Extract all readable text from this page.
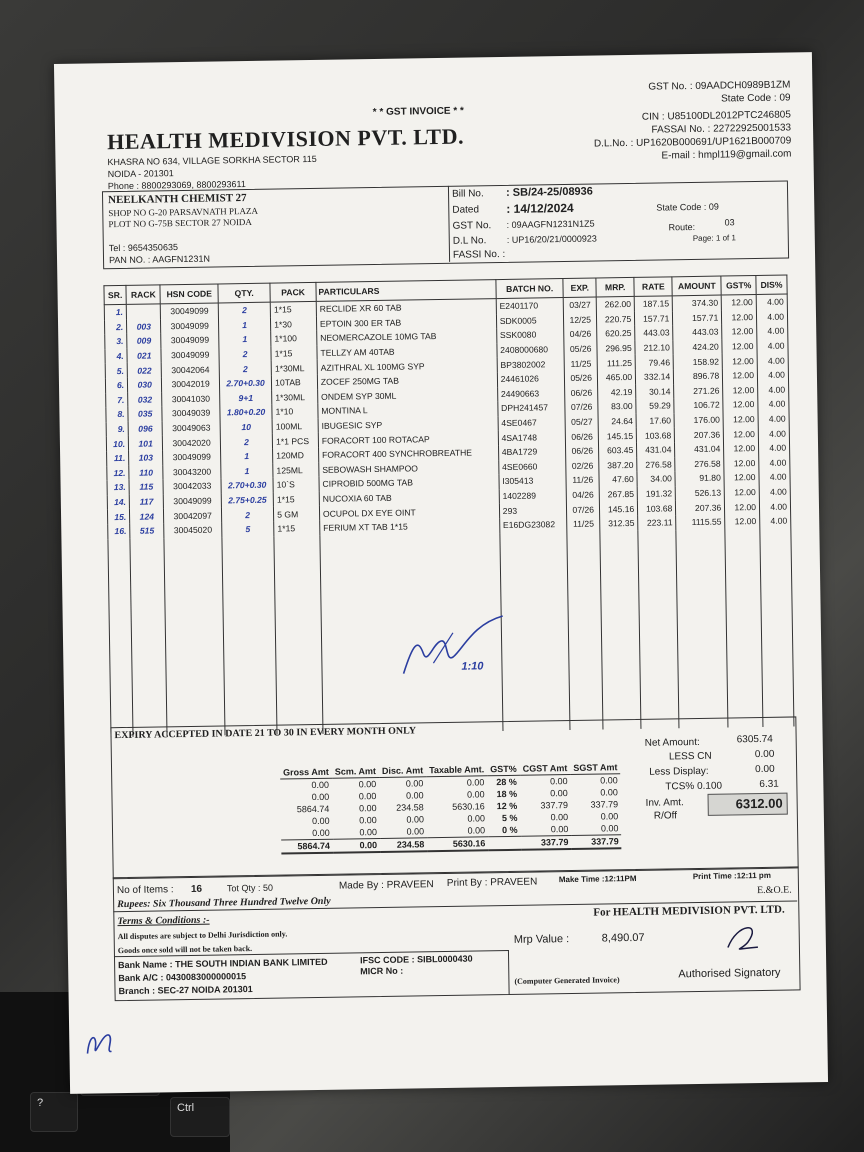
?	Ctrl
* * GST INVOICE * *
HEALTH MEDIVISION PVT. LTD.
KHASRA NO 634, VILLAGE SORKHA SECTOR 115
NOIDA - 201301
Phone : 8800293069, 8800293611
GST No. : 09AADCH0989B1ZM
State Code : 09
CIN : U85100DL2012PTC246805
FASSAI No. : 22722925001533
D.L.No. : UP1620B000691/UP1621B000709
E-mail : hmpl119@gmail.com
NEELKANTH CHEMIST 27
SHOP NO G-20 PARSAVNATH PLAZA
PLOT NO G-75B SECTOR 27 NOIDA
Tel : 9654350635
PAN NO. : AAGFN1231N
Bill No. : SB/24-25/08936
Dated : 14/12/2024
GST No. : 09AAGFN1231N1Z5
D.L No. : UP16/20/21/0000923
FASSI No. :
State Code : 09
Route:	03
Page: 1 of 1
SR.	RACK	HSN CODE	QTY.	PACK	PARTICULARS	BATCH NO.	EXP.	MRP.	RATE	AMOUNT	GST%	DIS%
1.		30049099	2	1*15	RECLIDE XR 60 TAB	E2401170	03/27	262.00	187.15	374.30	12.00	4.00
2.	003	30049099	1	1*30	EPTOIN 300 ER TAB	SDK0005	12/25	220.75	157.71	157.71	12.00	4.00
3.	009	30049099	1	1*100	NEOMERCAZOLE 10MG TAB	SSK0080	04/26	620.25	443.03	443.03	12.00	4.00
4.	021	30049099	2	1*15	TELLZY AM 40TAB	2408000680	05/26	296.95	212.10	424.20	12.00	4.00
5.	022	30042064	2	1*30ML	AZITHRAL XL 100MG SYP	BP3802002	11/25	111.25	79.46	158.92	12.00	4.00
6.	030	30042019	2.70+0.30	10TAB	ZOCEF 250MG TAB	24461026	05/26	465.00	332.14	896.78	12.00	4.00
7.	032	30041030	9+1	1*30ML	ONDEM SYP 30ML	24490663	06/26	42.19	30.14	271.26	12.00	4.00
8.	035	30049039	1.80+0.20	1*10	MONTINA L	DPH241457	07/26	83.00	59.29	106.72	12.00	4.00
9.	096	30049063	10	100ML	IBUGESIC SYP	4SE0467	05/27	24.64	17.60	176.00	12.00	4.00
10.	101	30042020	2	1*1 PCS	FORACORT 100 ROTACAP	4SA1748	06/26	145.15	103.68	207.36	12.00	4.00
11.	103	30049099	1	120MD	FORACORT 400 SYNCHROBREATHE	4BA1729	06/26	603.45	431.04	431.04	12.00	4.00
12.	110	30043200	1	125ML	SEBOWASH SHAMPOO	4SE0660	02/26	387.20	276.58	276.58	12.00	4.00
13.	115	30042033	2.70+0.30	10`S	CIPROBID 500MG TAB	I305413	11/26	47.60	34.00	91.80	12.00	4.00
14.	117	30049099	2.75+0.25	1*15	NUCOXIA 60 TAB	1402289	04/26	267.85	191.32	526.13	12.00	4.00
15.	124	30042097	2	5 GM	OCUPOL DX EYE OINT	293	07/26	145.16	103.68	207.36	12.00	4.00
16.	515	30045020	5	1*15	FERIUM XT TAB 1*15	E16DG23082	11/25	312.35	223.11	1115.55	12.00	4.00

1:10
EXPIRY ACCEPTED IN DATE 21 TO 30 IN EVERY MONTH ONLY
Gross Amt	Scm. Amt	Disc. Amt	Taxable Amt.	GST%	CGST Amt	SGST Amt
0.00	0.00	0.00	0.00	28 %	0.00	0.00
0.00	0.00	0.00	0.00	18 %	0.00	0.00
5864.74	0.00	234.58	5630.16	12 %	337.79	337.79
0.00	0.00	0.00	0.00	5 %	0.00	0.00
0.00	0.00	0.00	0.00	0 %	0.00	0.00
5864.74	0.00	234.58	5630.16		337.79	337.79
Net Amount:	6305.74
LESS CN	0.00
Less Display:	0.00
TCS% 0.100	6.31
Inv. Amt.
R/Off
6312.00
No of Items : 16	Tot Qty : 50	Made By : PRAVEEN Print By : PRAVEEN	Make Time :12:11PM	Print Time :12:11 pm
Rupees: Six Thousand Three Hundred Twelve Only
E.&O.E.
Terms & Conditions :-
All disputes are subject to Delhi Jurisdiction only.
Goods once sold will not be taken back.
For HEALTH MEDIVISION PVT. LTD.
Mrp Value :	8,490.07
Bank Name : THE SOUTH INDIAN BANK LIMITED
Bank A/C : 0430083000000015
Branch : SEC-27 NOIDA 201301
IFSC CODE : SIBL0000430
MICR No :
(Computer Generated Invoice)
Authorised Signatory
